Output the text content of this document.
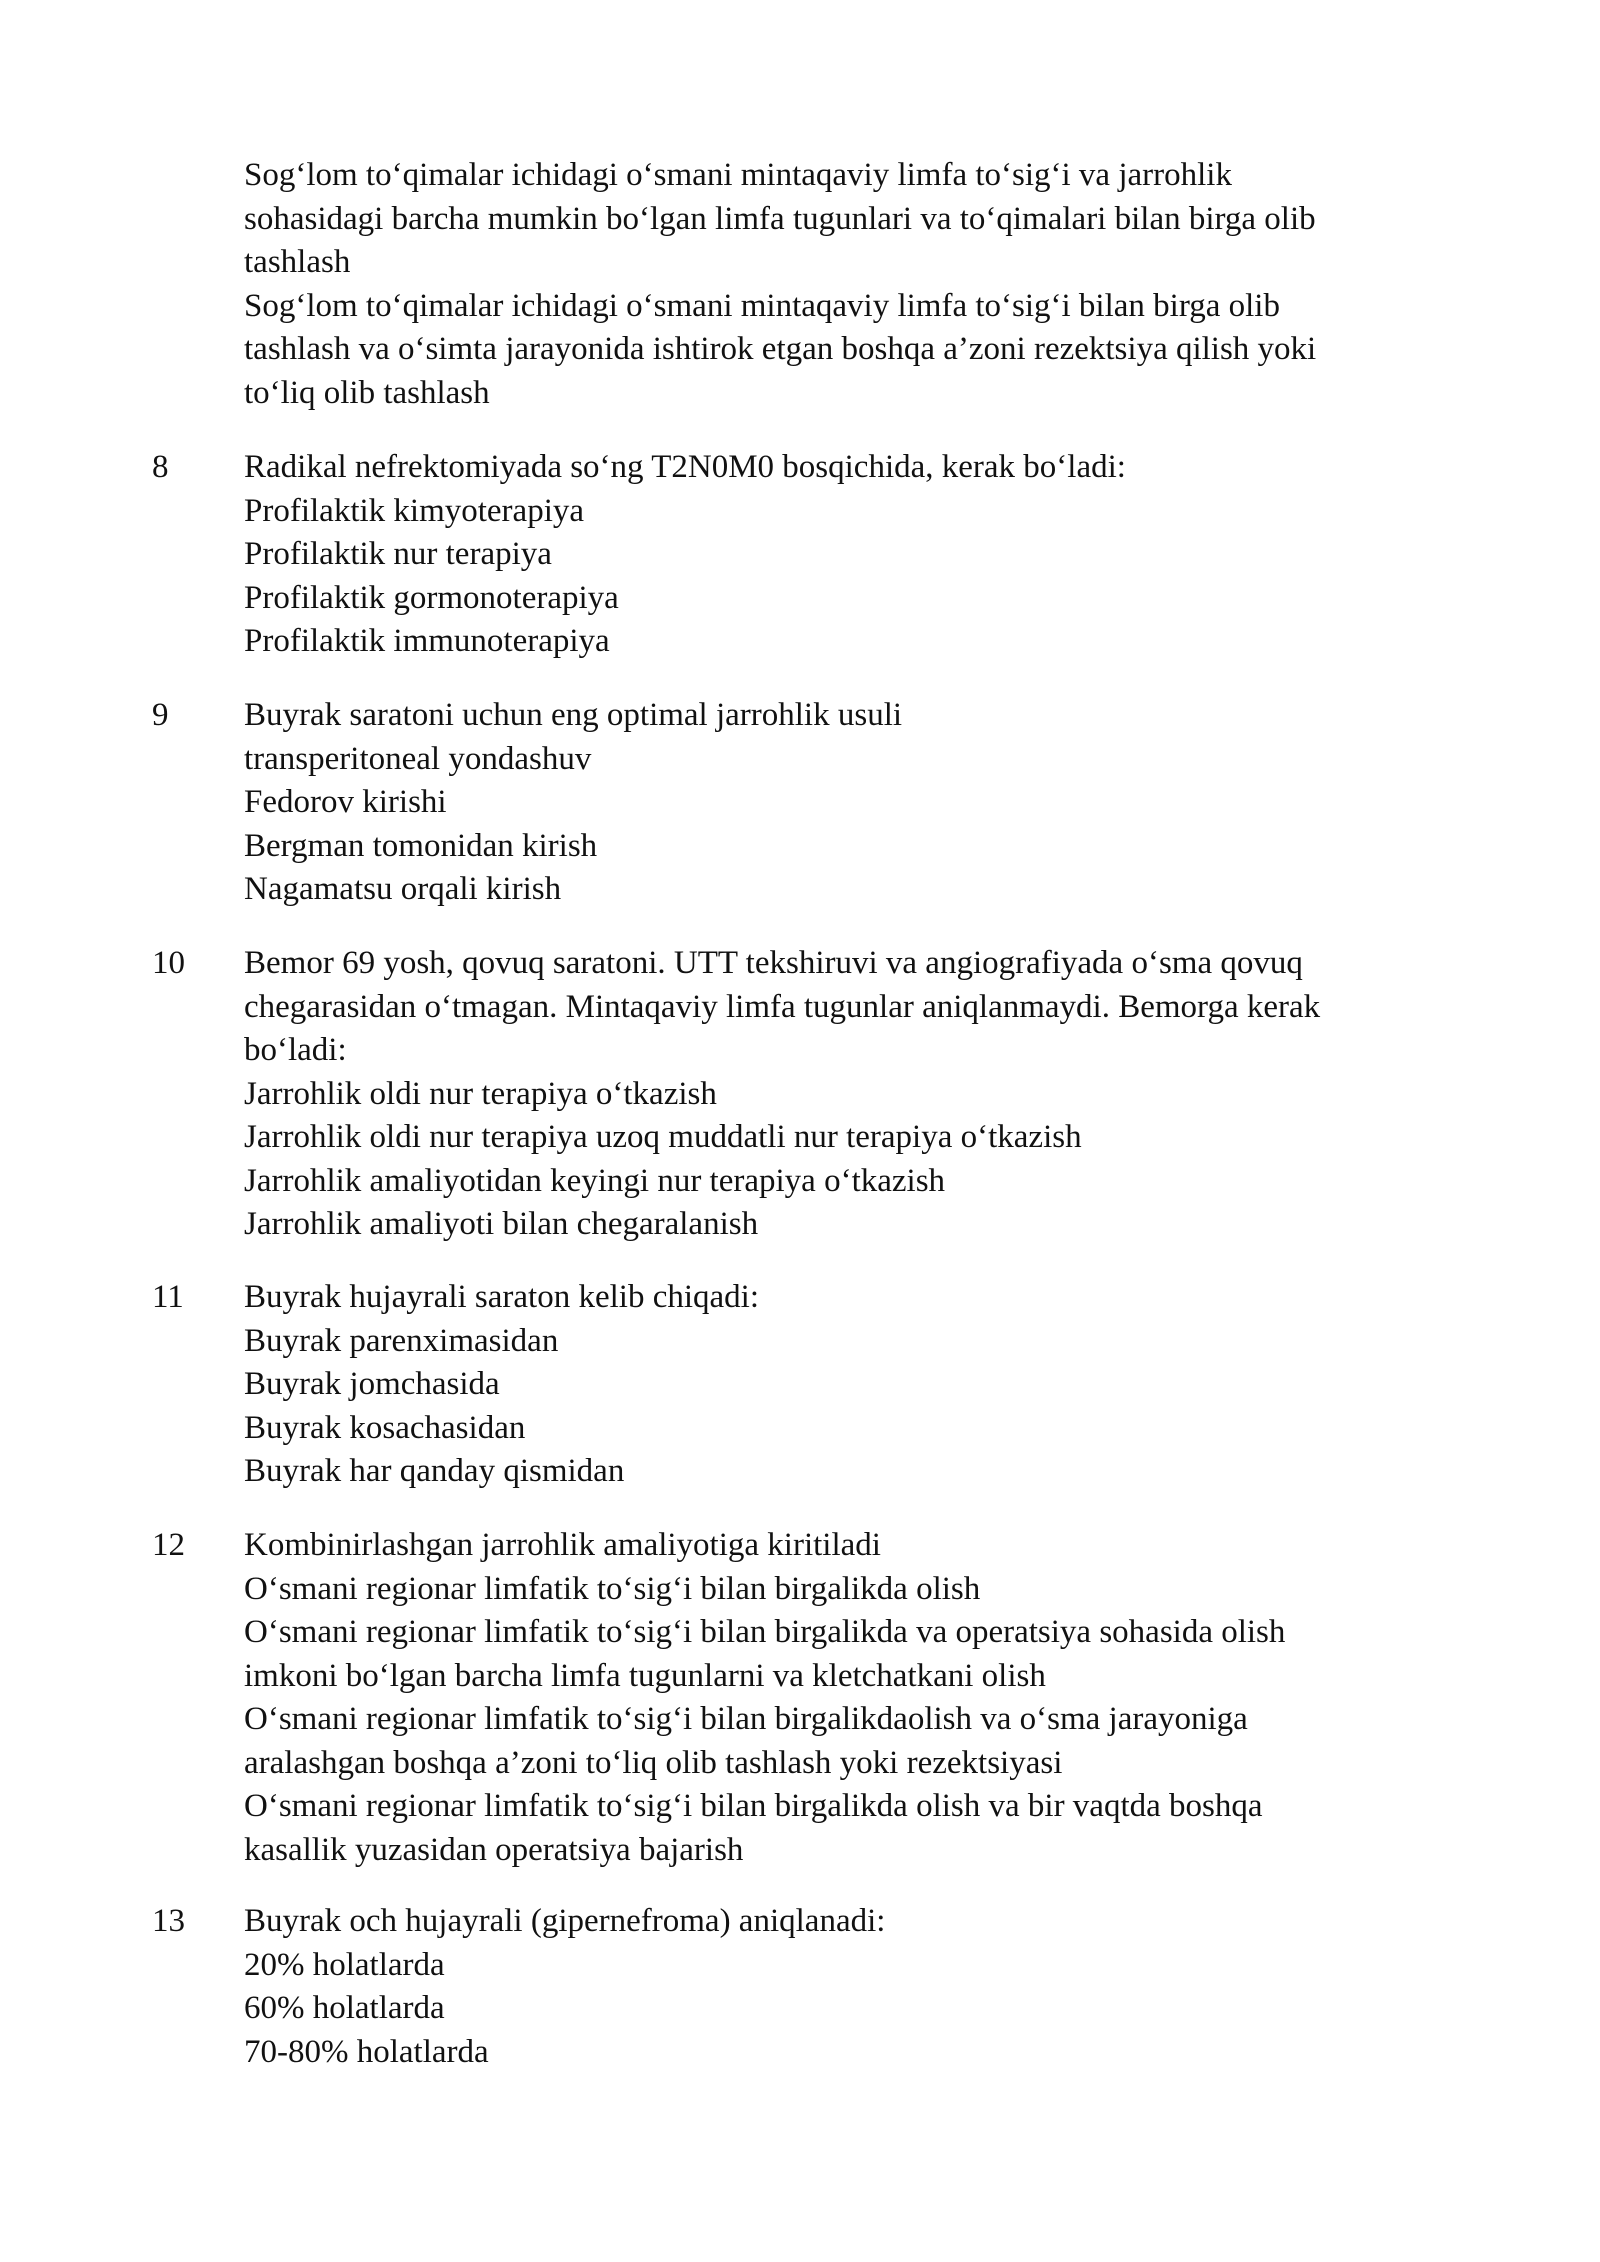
Sog‘lom to‘qimalar ichidagi o‘smani mintaqaviy limfa to‘sig‘i va jarrohlik
sohasidagi barcha mumkin bo‘lgan limfa tugunlari va to‘qimalari bilan birga olib
tashlash
Sog‘lom to‘qimalar ichidagi o‘smani mintaqaviy limfa to‘sig‘i bilan birga olib
tashlash va o‘simta jarayonida ishtirok etgan boshqa a’zoni rezektsiya qilish yoki
to‘liq olib tashlash
8	Radikal nefrektomiyada so‘ng T2N0M0 bosqichida, kerak bo‘ladi:
Profilaktik kimyoterapiya
Profilaktik nur terapiya
Profilaktik gormonoterapiya
Profilaktik immunoterapiya
9	Buyrak saratoni uchun eng optimal jarrohlik usuli
transperitoneal yondashuv
Fedorov kirishi
Bergman tomonidan kirish
Nagamatsu orqali kirish
10	Bemor 69 yosh, qovuq saratoni. UTT tekshiruvi va angiografiyada o‘sma qovuq
chegarasidan o‘tmagan. Mintaqaviy limfa tugunlar aniqlanmaydi. Bemorga kerak
bo‘ladi:
Jarrohlik oldi nur terapiya o‘tkazish
Jarrohlik oldi nur terapiya uzoq muddatli nur terapiya o‘tkazish
Jarrohlik amaliyotidan keyingi nur terapiya o‘tkazish
Jarrohlik amaliyoti bilan chegaralanish
11	Buyrak hujayrali saraton kelib chiqadi:
Buyrak parenximasidan
Buyrak jomchasida
Buyrak kosachasidan
Buyrak har qanday qismidan
12	Kombinirlashgan jarrohlik amaliyotiga kiritiladi
O‘smani regionar limfatik to‘sig‘i bilan birgalikda olish
O‘smani regionar limfatik to‘sig‘i bilan birgalikda va operatsiya sohasida olish
imkoni bo‘lgan barcha limfa tugunlarni va kletchatkani olish
O‘smani regionar limfatik to‘sig‘i bilan birgalikdaolish va o‘sma jarayoniga
aralashgan boshqa a’zoni to‘liq olib tashlash yoki rezektsiyasi
O‘smani regionar limfatik to‘sig‘i bilan birgalikda olish va bir vaqtda boshqa
kasallik yuzasidan operatsiya bajarish
13	Buyrak och hujayrali (gipernefroma) aniqlanadi:
20% holatlarda
60% holatlarda
70-80% holatlarda
